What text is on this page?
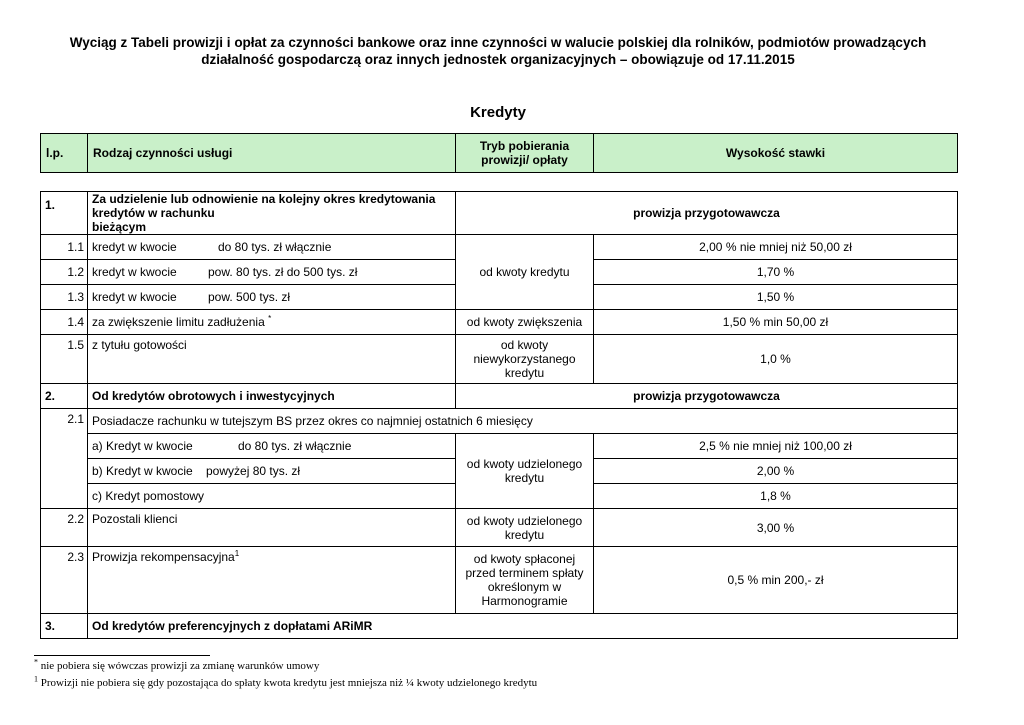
Wyciąg z Tabeli prowizji i opłat za czynności bankowe oraz inne czynności w walucie polskiej dla rolników, podmiotów prowadzących
działalność gospodarczą oraz innych jednostek organizacyjnych – obowiązuje od 17.11.2015
Kredyty
l.p.	Rodzaj czynności usługi	Tryb pobierania
prowizji/ opłaty	Wysokość stawki
1.	Za udzielenie lub odnowienie na kolejny okres kredytowania kredytów w rachunku
bieżącym	prowizja przygotowawcza	
1.1	kredyt w kwocie do 80 tys. zł włącznie	od kwoty kredytu	2,00 % nie mniej niż 50,00 zł
1.2	kredyt w kwocie pow. 80 tys. zł do 500 tys. zł		1,70 %
1.3	kredyt w kwocie pow. 500 tys. zł		1,50 %
1.4	za zwiększenie limitu zadłużenia *	od kwoty zwiększenia	1,50 % min 50,00 zł
1.5	z tytułu gotowości	od kwoty
niewykorzystanego
kredytu	1,0 %
2.	Od kredytów obrotowych i inwestycyjnych	prowizja przygotowawcza	
2.1	Posiadacze rachunku w tutejszym BS przez okres co najmniej ostatnich 6 miesięcy		
	a) Kredyt w kwocie do 80 tys. zł włącznie	od kwoty udzielonego
kredytu	2,5 % nie mniej niż 100,00 zł
	b) Kredyt w kwocie powyżej 80 tys. zł		2,00 %
	c) Kredyt pomostowy		1,8 %
2.2	Pozostali klienci	od kwoty udzielonego
kredytu	3,00 %
2.3	Prowizja rekompensacyjna$^1$	od kwoty spłaconej
przed terminem spłaty
określonym w
Harmonogramie	0,5 % min 200,- zł
3.	Od kredytów preferencyjnych z dopłatami ARiMR		
* nie pobiera się wówczas prowizji za zmianę warunków umowy
$^1$ Prowizji nie pobiera się gdy pozostająca do spłaty kwota kredytu jest mniejsza niż ¼ kwoty udzielonego kredytu
